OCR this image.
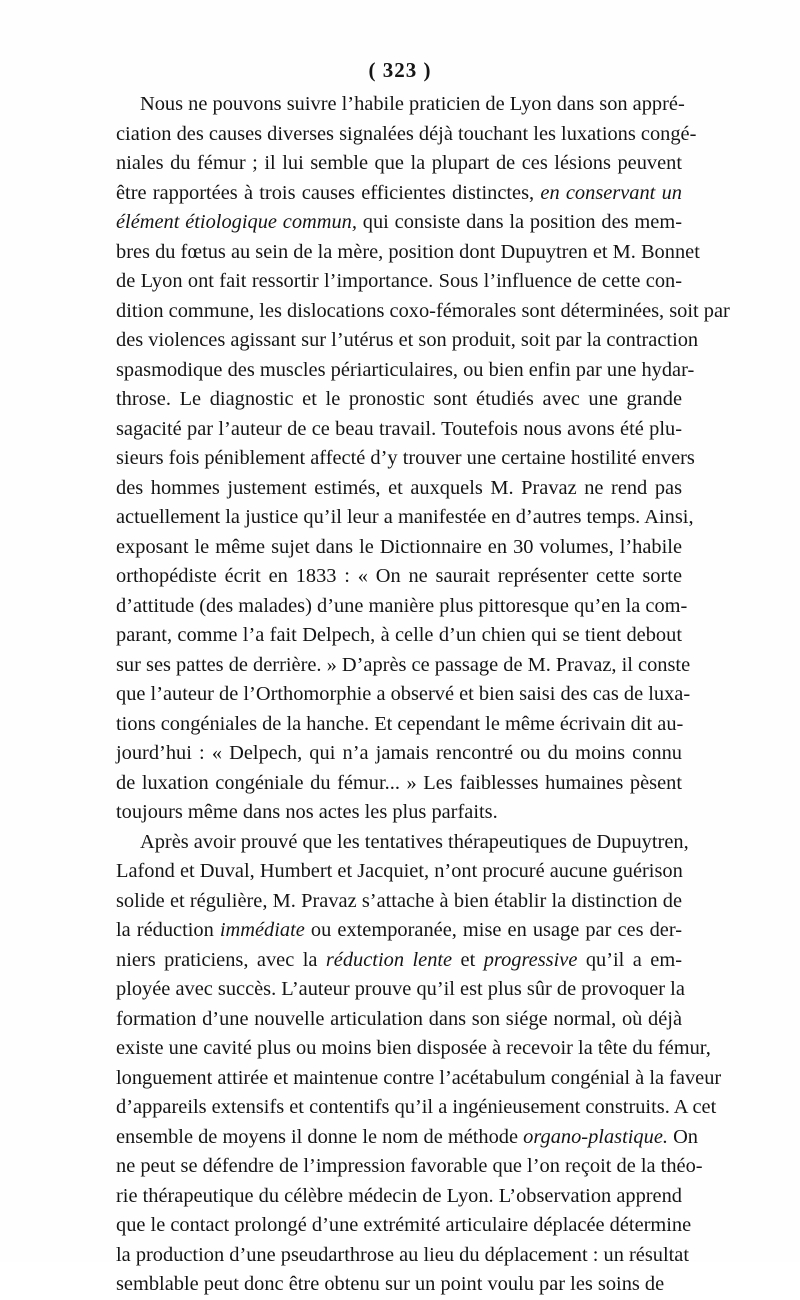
( 323 )
Nous ne pouvons suivre l’habile praticien de Lyon dans son appré-
ciation des causes diverses signalées déjà touchant les luxations congé-
niales du fémur ; il lui semble que la plupart de ces lésions peuvent
être rapportées à trois causes efficientes distinctes, en conservant un
élément étiologique commun, qui consiste dans la position des mem-
bres du fœtus au sein de la mère, position dont Dupuytren et M. Bonnet
de Lyon ont fait ressortir l’importance. Sous l’influence de cette con-
dition commune, les dislocations coxo-fémorales sont déterminées, soit par
des violences agissant sur l’utérus et son produit, soit par la contraction
spasmodique des muscles périarticulaires, ou bien enfin par une hydar-
throse. Le diagnostic et le pronostic sont étudiés avec une grande
sagacité par l’auteur de ce beau travail. Toutefois nous avons été plu-
sieurs fois péniblement affecté d’y trouver une certaine hostilité envers
des hommes justement estimés, et auxquels M. Pravaz ne rend pas
actuellement la justice qu’il leur a manifestée en d’autres temps. Ainsi,
exposant le même sujet dans le Dictionnaire en 30 volumes, l’habile
orthopédiste écrit en 1833 : « On ne saurait représenter cette sorte
d’attitude (des malades) d’une manière plus pittoresque qu’en la com-
parant, comme l’a fait Delpech, à celle d’un chien qui se tient debout
sur ses pattes de derrière. » D’après ce passage de M. Pravaz, il conste
que l’auteur de l’Orthomorphie a observé et bien saisi des cas de luxa-
tions congéniales de la hanche. Et cependant le même écrivain dit au-
jourd’hui : « Delpech, qui n’a jamais rencontré ou du moins connu
de luxation congéniale du fémur... » Les faiblesses humaines pèsent
toujours même dans nos actes les plus parfaits.
Après avoir prouvé que les tentatives thérapeutiques de Dupuytren,
Lafond et Duval, Humbert et Jacquiet, n’ont procuré aucune guérison
solide et régulière, M. Pravaz s’attache à bien établir la distinction de
la réduction immédiate ou extemporanée, mise en usage par ces der-
niers praticiens, avec la réduction lente et progressive qu’il a em-
ployée avec succès. L’auteur prouve qu’il est plus sûr de provoquer la
formation d’une nouvelle articulation dans son siége normal, où déjà
existe une cavité plus ou moins bien disposée à recevoir la tête du fémur,
longuement attirée et maintenue contre l’acétabulum congénial à la faveur
d’appareils extensifs et contentifs qu’il a ingénieusement construits. A cet
ensemble de moyens il donne le nom de méthode organo-plastique. On
ne peut se défendre de l’impression favorable que l’on reçoit de la théo-
rie thérapeutique du célèbre médecin de Lyon. L’observation apprend
que le contact prolongé d’une extrémité articulaire déplacée détermine
la production d’une pseudarthrose au lieu du déplacement : un résultat
semblable peut donc être obtenu sur un point voulu par les soins de
